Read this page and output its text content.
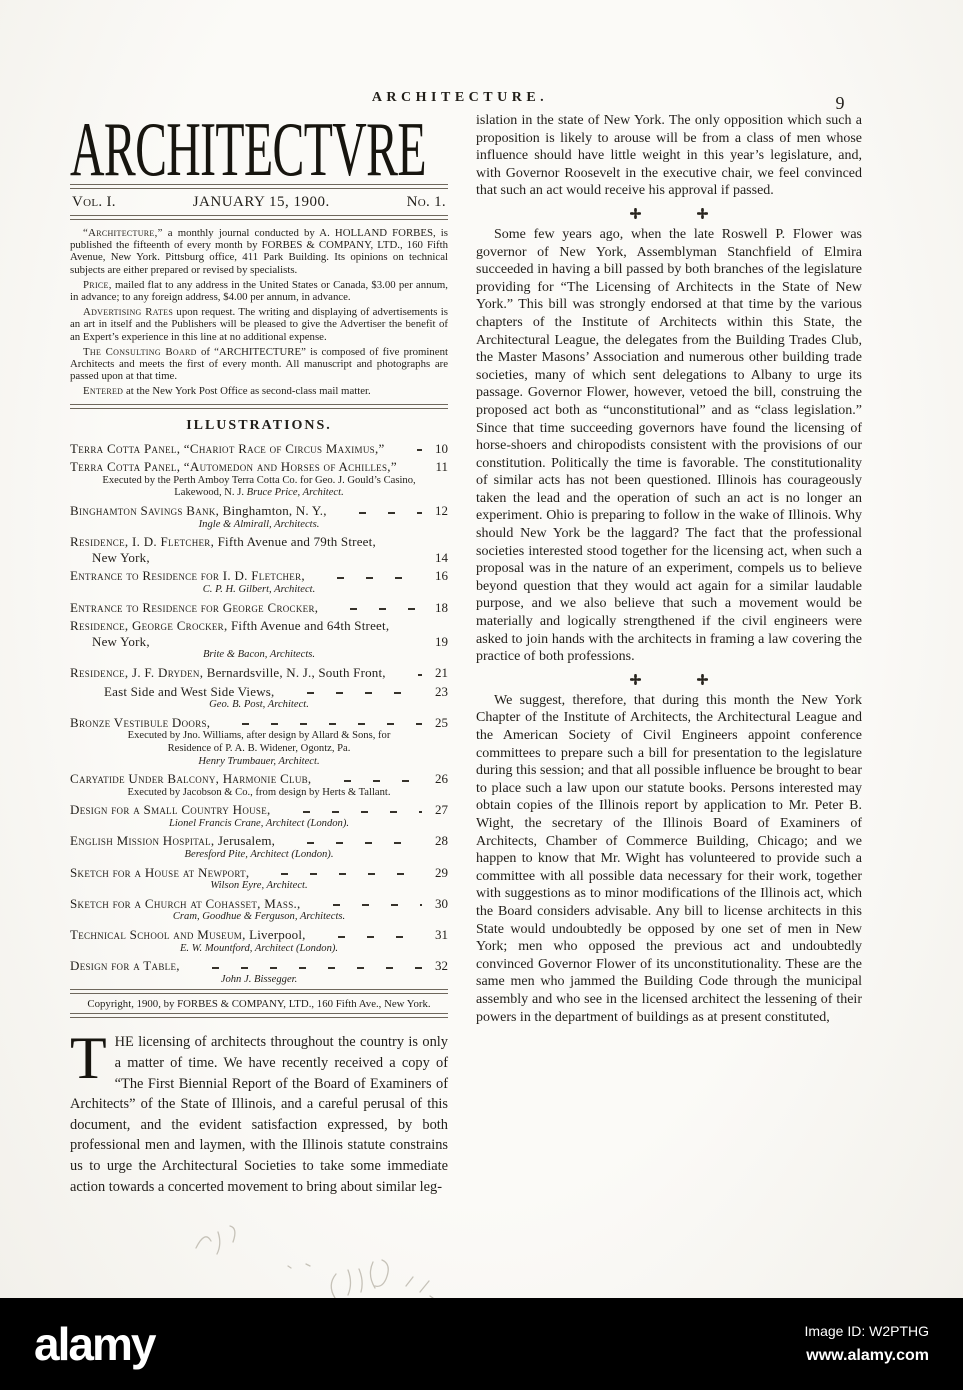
ARCHITECTURE.	9
ARCHITECTVRE
Vol. I.	JANUARY 15, 1900.	No. 1.

“Architecture,” a monthly journal conducted by A. HOLLAND FORBES, is published the fifteenth of every month by FORBES & COMPANY, LTD., 160 Fifth Avenue, New York. Pittsburg office, 411 Park Building. Its opinions on technical subjects are either prepared or revised by specialists.

Price, mailed flat to any address in the United States or Canada, $3.00 per annum, in advance; to any foreign address, $4.00 per annum, in advance.

Advertising Rates upon request. The writing and displaying of advertisements is an art in itself and the Publishers will be pleased to give the Advertiser the benefit of an Expert’s experience in this line at no additional expense.

The Consulting Board of “ARCHITECTURE” is composed of five prominent Architects and meets the first of every month. All manuscript and photographs are passed upon at that time.

Entered at the New York Post Office as second-class mail matter.

ILLUSTRATIONS.
Terra Cotta Panel, “Chariot Race of Circus Maximus,”	10
Terra Cotta Panel, “Automedon and Horses of Achilles,”	11
Executed by the Perth Amboy Terra Cotta Co. for Geo. J. Gould’s Casino,
Lakewood, N. J. Bruce Price, Architect.
Binghamton Savings Bank, Binghamton, N. Y.,	12
Ingle & Almirall, Architects.
Residence, I. D. Fletcher, Fifth Avenue and 79th Street, New York,	14
Entrance to Residence for I. D. Fletcher,	16
C. P. H. Gilbert, Architect.
Entrance to Residence for George Crocker,	18
Residence, George Crocker, Fifth Avenue and 64th Street, New York,	19
Brite & Bacon, Architects.
Residence, J. F. Dryden, Bernardsville, N. J., South Front,	21
East Side and West Side Views,	23
Geo. B. Post, Architect.
Bronze Vestibule Doors,	25
Executed by Jno. Williams, after design by Allard & Sons, for
Residence of P. A. B. Widener, Ogontz, Pa.
Henry Trumbauer, Architect.
Caryatide Under Balcony, Harmonie Club,	26
Executed by Jacobson & Co., from design by Herts & Tallant.
Design for a Small Country House,	27
Lionel Francis Crane, Architect (London).
English Mission Hospital, Jerusalem,	28
Beresford Pite, Architect (London).
Sketch for a House at Newport,	29
Wilson Eyre, Architect.
Sketch for a Church at Cohasset, Mass.,	30
Cram, Goodhue & Ferguson, Architects.
Technical School and Museum, Liverpool,	31
E. W. Mountford, Architect (London).
Design for a Table,	32
John J. Bissegger.
Copyright, 1900, by FORBES & COMPANY, LTD., 160 Fifth Ave., New York.

THE licensing of architects throughout the country is only a matter of time. We have recently received a copy of “The First Biennial Report of the Board of Examiners of Architects” of the State of Illinois, and a careful perusal of this document, and the evident satisfaction expressed, by both professional men and laymen, with the Illinois statute constrains us to urge the Architectural Societies to take some immediate action towards a concerted movement to bring about similar leg-

islation in the state of New York. The only opposition which such a proposition is likely to arouse will be from a class of men whose influence should have little weight in this year’s legislature, and, with Governor Roosevelt in the executive chair, we feel convinced that such an act would receive his approval if passed.

Some few years ago, when the late Roswell P. Flower was governor of New York, Assemblyman Stanchfield of Elmira succeeded in having a bill passed by both branches of the legislature providing for “The Licensing of Architects in the State of New York.” This bill was strongly endorsed at that time by the various chapters of the Institute of Architects within this State, the Architectural League, the delegates from the Building Trades Club, the Master Masons’ Association and numerous other building trade societies, many of which sent delegations to Albany to urge its passage. Governor Flower, however, vetoed the bill, construing the proposed act both as “unconstitutional” and as “class legislation.” Since that time succeeding governors have found the licensing of horse-shoers and chiropodists consistent with the provisions of our constitution. Politically the time is favorable. The constitutionality of similar acts has not been questioned. Illinois has courageously taken the lead and the operation of such an act is no longer an experiment. Ohio is preparing to follow in the wake of Illinois. Why should New York be the laggard? The fact that the professional societies interested stood together for the licensing act, when such a proposal was in the nature of an experiment, compels us to believe beyond question that they would act again for a similar laudable purpose, and we also believe that such a movement would be materially and logically strengthened if the civil engineers were asked to join hands with the architects in framing a law covering the practice of both professions.

We suggest, therefore, that during this month the New York Chapter of the Institute of Architects, the Architectural League and the American Society of Civil Engineers appoint conference committees to prepare such a bill for presentation to the legislature during this session; and that all possible influence be brought to bear to place such a law upon our statute books. Persons interested may obtain copies of the Illinois report by application to Mr. Peter B. Wight, the secretary of the Illinois Board of Examiners of Architects, Chamber of Commerce Building, Chicago; and we happen to know that Mr. Wight has volunteered to provide such a committee with all possible data necessary for their work, together with suggestions as to minor modifications of the Illinois act, which the Board considers advisable. Any bill to license architects in this State would undoubtedly be opposed by one set of men in New York; men who opposed the previous act and undoubtedly convinced Governor Flower of its unconstitutionality. These are the same men who jammed the Building Code through the municipal assembly and who see in the licensed architect the lessening of their powers in the department of buildings as at present constituted,

alamy	Image ID: W2PTHG
www.alamy.com
